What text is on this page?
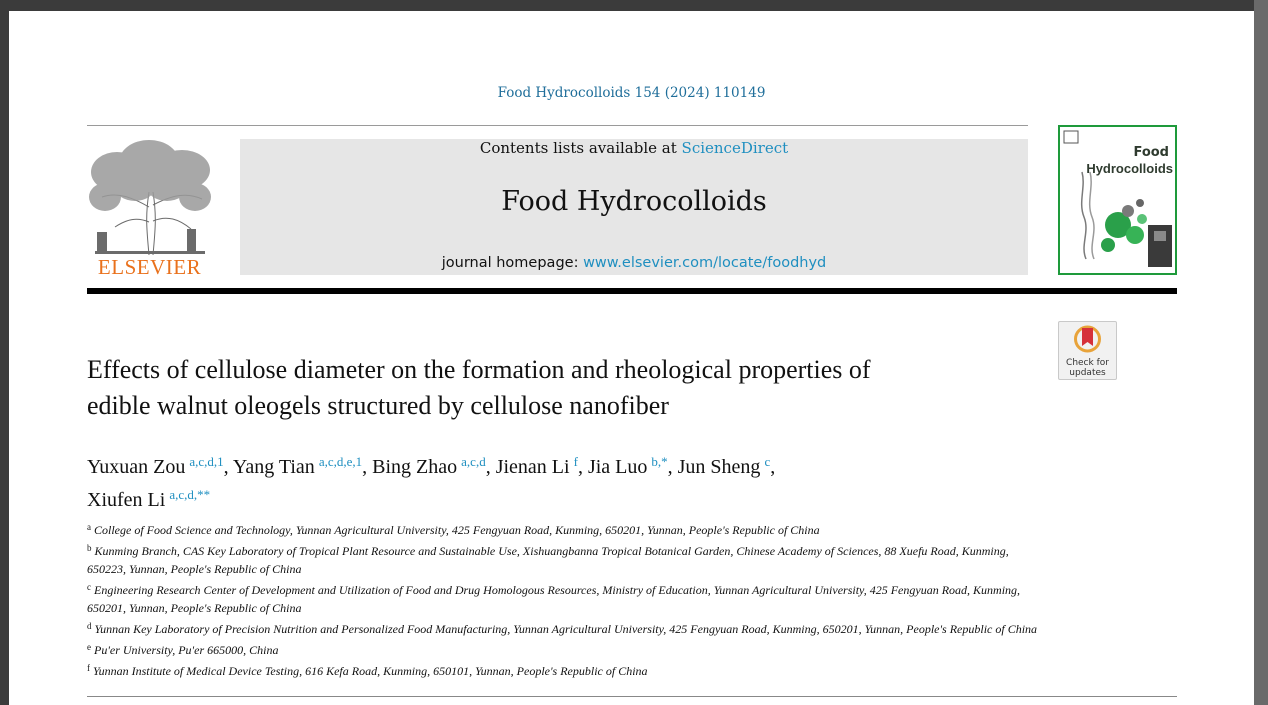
Food Hydrocolloids 154 (2024) 110149
ELSEVIER
Contents lists available at ScienceDirect
Food Hydrocolloids
journal homepage: www.elsevier.com/locate/foodhyd
Food
Hydrocolloids
Check for
updates
Effects of cellulose diameter on the formation and rheological properties of
edible walnut oleogels structured by cellulose nanofiber
Yuxuan Zou  $^{a,c,d,1}$, Yang Tian  $^{a,c,d,e,1}$, Bing Zhao  $^{a,c,d}$, Jienan Li  $^f$, Jia Luo  $^{b,*}$, Jun Sheng  $^c$,
Xiufen Li  $^{a,c,d,**}$
$^a$ College of Food Science and Technology, Yunnan Agricultural University, 425 Fengyuan Road, Kunming, 650201, Yunnan, People's Republic of China
$^b$ Kunming Branch, CAS Key Laboratory of Tropical Plant Resource and Sustainable Use, Xishuangbanna Tropical Botanical Garden, Chinese Academy of Sciences, 88 Xuefu Road, Kunming, 650223, Yunnan, People's Republic of China
$^c$ Engineering Research Center of Development and Utilization of Food and Drug Homologous Resources, Ministry of Education, Yunnan Agricultural University, 425 Fengyuan Road, Kunming, 650201, Yunnan, People's Republic of China
$^d$ Yunnan Key Laboratory of Precision Nutrition and Personalized Food Manufacturing, Yunnan Agricultural University, 425 Fengyuan Road, Kunming, 650201, Yunnan, People's Republic of China
$^e$ Pu'er University, Pu'er 665000, China
$^f$ Yunnan Institute of Medical Device Testing, 616 Kefa Road, Kunming, 650101, Yunnan, People's Republic of China
